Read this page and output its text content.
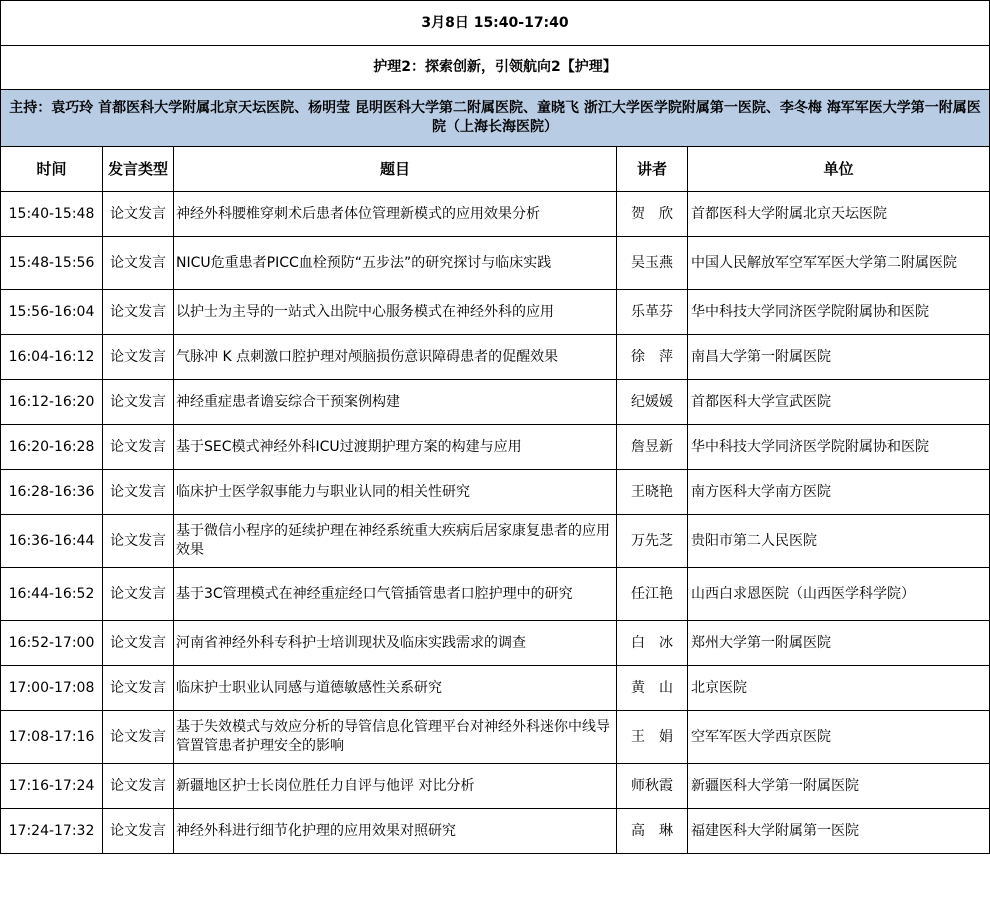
3月8日 15:40-17:40				
护理2：探索创新，引领航向2【护理】				
主持：袁巧玲 首都医科大学附属北京天坛医院、杨明莹 昆明医科大学第二附属医院、童晓飞 浙江大学医学院附属第一医院、李冬梅 海军军医大学第一附属医院（上海长海医院）				
时间	发言类型	题目	讲者	单位
15:40-15:48	论文发言	神经外科腰椎穿刺术后患者体位管理新模式的应用效果分析	贺　欣	首都医科大学附属北京天坛医院
15:48-15:56	论文发言	NICU危重患者PICC血栓预防“五步法”的研究探讨与临床实践	吴玉燕	中国人民解放军空军军医大学第二附属医院
15:56-16:04	论文发言	以护士为主导的一站式入出院中心服务模式在神经外科的应用	乐革芬	华中科技大学同济医学院附属协和医院
16:04-16:12	论文发言	气脉冲 K 点刺激口腔护理对颅脑损伤意识障碍患者的促醒效果	徐　萍	南昌大学第一附属医院
16:12-16:20	论文发言	神经重症患者谵妄综合干预案例构建	纪媛媛	首都医科大学宣武医院
16:20-16:28	论文发言	基于SEC模式神经外科ICU过渡期护理方案的构建与应用	詹昱新	华中科技大学同济医学院附属协和医院
16:28-16:36	论文发言	临床护士医学叙事能力与职业认同的相关性研究	王晓艳	南方医科大学南方医院
16:36-16:44	论文发言	基于微信小程序的延续护理在神经系统重大疾病后居家康复患者的应用效果	万先芝	贵阳市第二人民医院
16:44-16:52	论文发言	基于3C管理模式在神经重症经口气管插管患者口腔护理中的研究	任江艳	山西白求恩医院（山西医学科学院）
16:52-17:00	论文发言	河南省神经外科专科护士培训现状及临床实践需求的调查	白　冰	郑州大学第一附属医院
17:00-17:08	论文发言	临床护士职业认同感与道德敏感性关系研究	黄　山	北京医院
17:08-17:16	论文发言	基于失效模式与效应分析的导管信息化管理平台对神经外科迷你中线导管置管患者护理安全的影响	王　娟	空军军医大学西京医院
17:16-17:24	论文发言	新疆地区护士长岗位胜任力自评与他评 对比分析	师秋霞	新疆医科大学第一附属医院
17:24-17:32	论文发言	神经外科进行细节化护理的应用效果对照研究	高　琳	福建医科大学附属第一医院
